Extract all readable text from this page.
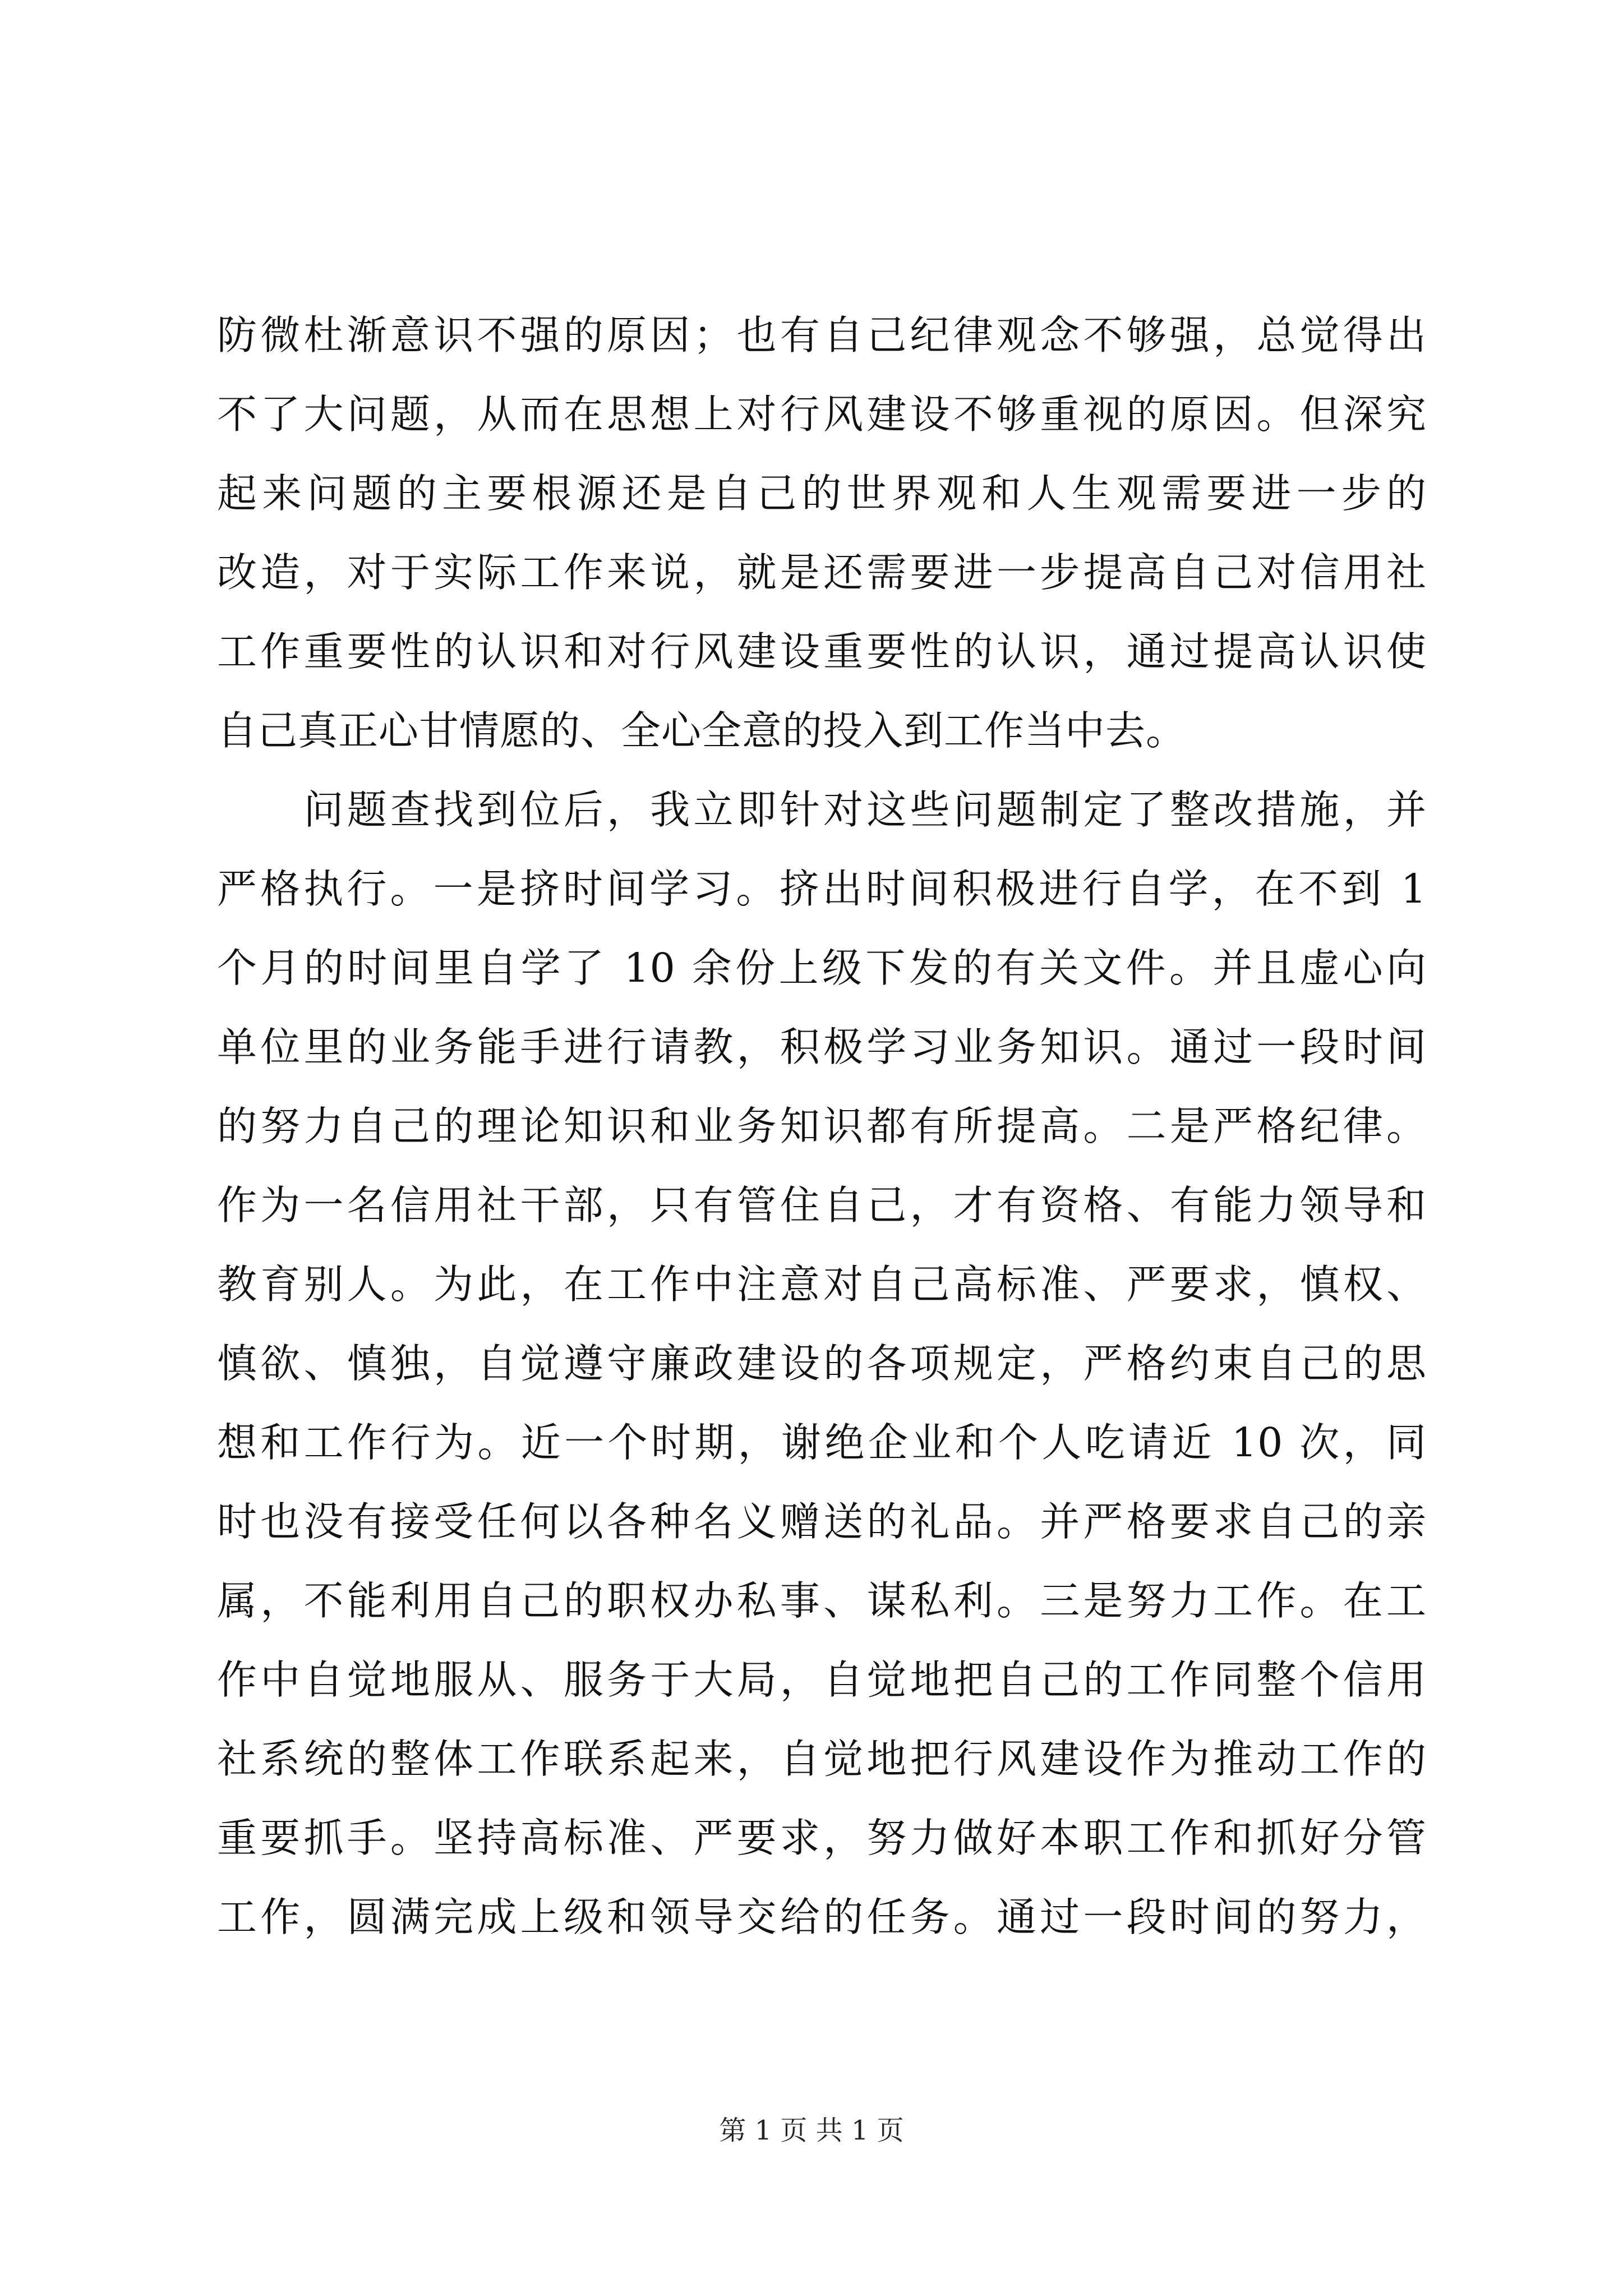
防微杜渐意识不强的原因；也有自己纪律观念不够强，总觉得出
不了大问题，从而在思想上对行风建设不够重视的原因。但深究
起来问题的主要根源还是自己的世界观和人生观需要进一步的
改造，对于实际工作来说，就是还需要进一步提高自己对信用社
工作重要性的认识和对行风建设重要性的认识，通过提高认识使
自己真正心甘情愿的、全心全意的投入到工作当中去。
　　问题查找到位后，我立即针对这些问题制定了整改措施，并
严格执行。一是挤时间学习。挤出时间积极进行自学，在不到 1
个月的时间里自学了 10 余份上级下发的有关文件。并且虚心向
单位里的业务能手进行请教，积极学习业务知识。通过一段时间
的努力自己的理论知识和业务知识都有所提高。二是严格纪律。
作为一名信用社干部，只有管住自己，才有资格、有能力领导和
教育别人。为此，在工作中注意对自己高标准、严要求，慎权、
慎欲、慎独，自觉遵守廉政建设的各项规定，严格约束自己的思
想和工作行为。近一个时期，谢绝企业和个人吃请近 10 次，同
时也没有接受任何以各种名义赠送的礼品。并严格要求自己的亲
属，不能利用自己的职权办私事、谋私利。三是努力工作。在工
作中自觉地服从、服务于大局，自觉地把自己的工作同整个信用
社系统的整体工作联系起来，自觉地把行风建设作为推动工作的
重要抓手。坚持高标准、严要求，努力做好本职工作和抓好分管
工作，圆满完成上级和领导交给的任务。通过一段时间的努力，
第 1 页 共 1 页
